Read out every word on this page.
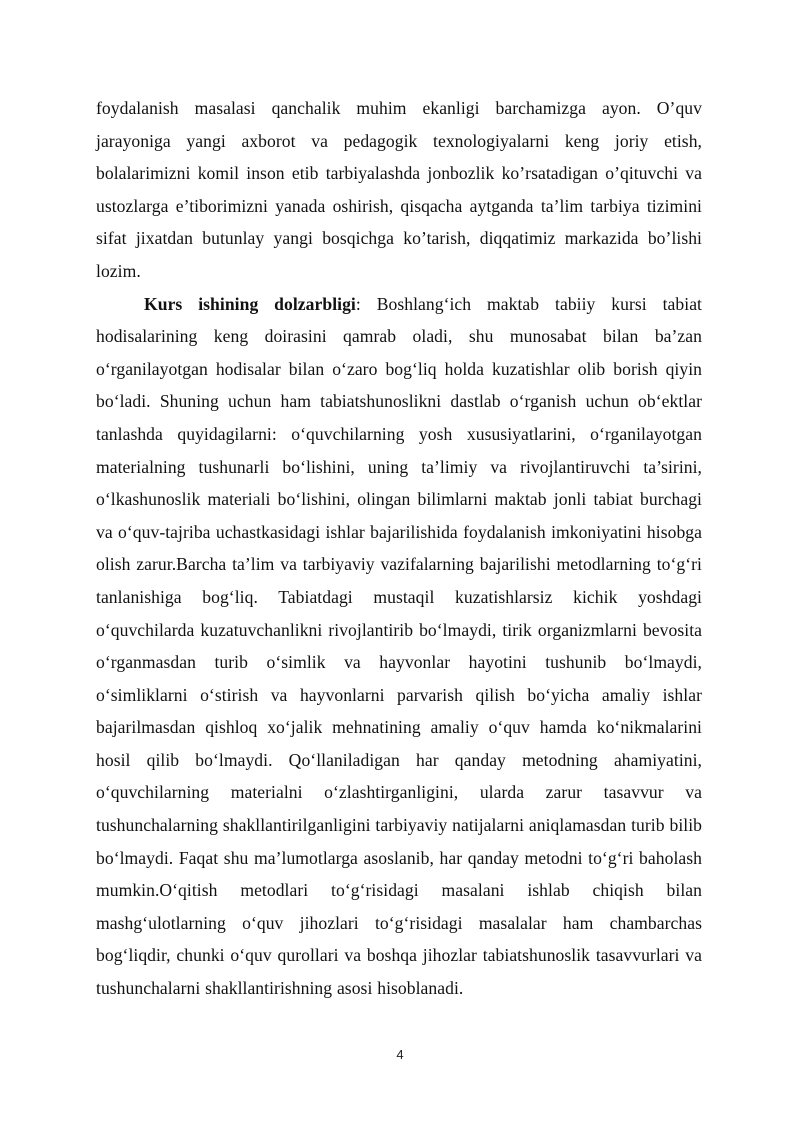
foydalanish masalasi qanchalik muhim ekanligi barchamizga ayon. O’quv jarayoniga yangi axborot va pedagogik texnologiyalarni keng joriy etish, bolalarimizni komil inson etib tarbiyalashda jonbozlik ko’rsatadigan o’qituvchi va ustozlarga e’tiborimizni yanada oshirish, qisqacha aytganda ta’lim tarbiya tizimini sifat jixatdan butunlay yangi bosqichga ko’tarish, diqqatimiz markazida bo’lishi lozim.

Kurs ishining dolzarbligi: Boshlang‘ich maktab tabiiy kursi tabiat hodisalarining keng doirasini qamrab oladi, shu munosabat bilan ba’zan o‘rganilayotgan hodisalar bilan o‘zaro bog‘liq holda kuzatishlar olib borish qiyin bo‘ladi. Shuning uchun ham tabiatshunoslikni dastlab o‘rganish uchun ob‘ektlar tanlashda quyidagilarni: o‘quvchilarning yosh xususiyatlarini, o‘rganilayotgan materialning tushunarli bo‘lishini, uning ta’limiy va rivojlantiruvchi ta’sirini, o‘lkashunoslik materiali bo‘lishini, olingan bilimlarni maktab jonli tabiat burchagi va o‘quv-tajriba uchastkasidagi ishlar bajarilishida foydalanish imkoniyatini hisobga olish zarur.Barcha ta’lim va tarbiyaviy vazifalarning bajarilishi metodlarning to‘g‘ri tanlanishiga bog‘liq. Tabiatdagi mustaqil kuzatishlarsiz kichik yoshdagi o‘quvchilarda kuzatuvchanlikni rivojlantirib bo‘lmaydi, tirik organizmlarni bevosita o‘rganmasdan turib o‘simlik va hayvonlar hayotini tushunib bo‘lmaydi, o‘simliklarni o‘stirish va hayvonlarni parvarish qilish bo‘yicha amaliy ishlar bajarilmasdan qishloq xo‘jalik mehnatining amaliy o‘quv hamda ko‘nikmalarini hosil qilib bo‘lmaydi. Qo‘llaniladigan har qanday metodning ahamiyatini, o‘quvchilarning materialni o‘zlashtirganligini, ularda zarur tasavvur va tushunchalarning shakllantirilganligini tarbiyaviy natijalarni aniqlamasdan turib bilib bo‘lmaydi. Faqat shu ma’lumotlarga asoslanib, har qanday metodni to‘g‘ri baholash mumkin.O‘qitish metodlari to‘g‘risidagi masalani ishlab chiqish bilan mashg‘ulotlarning o‘quv jihozlari to‘g‘risidagi masalalar ham chambarchas bog‘liqdir, chunki o‘quv qurollari va boshqa jihozlar tabiatshunoslik tasavvurlari va tushunchalarni shakllantirishning asosi hisoblanadi.

4
